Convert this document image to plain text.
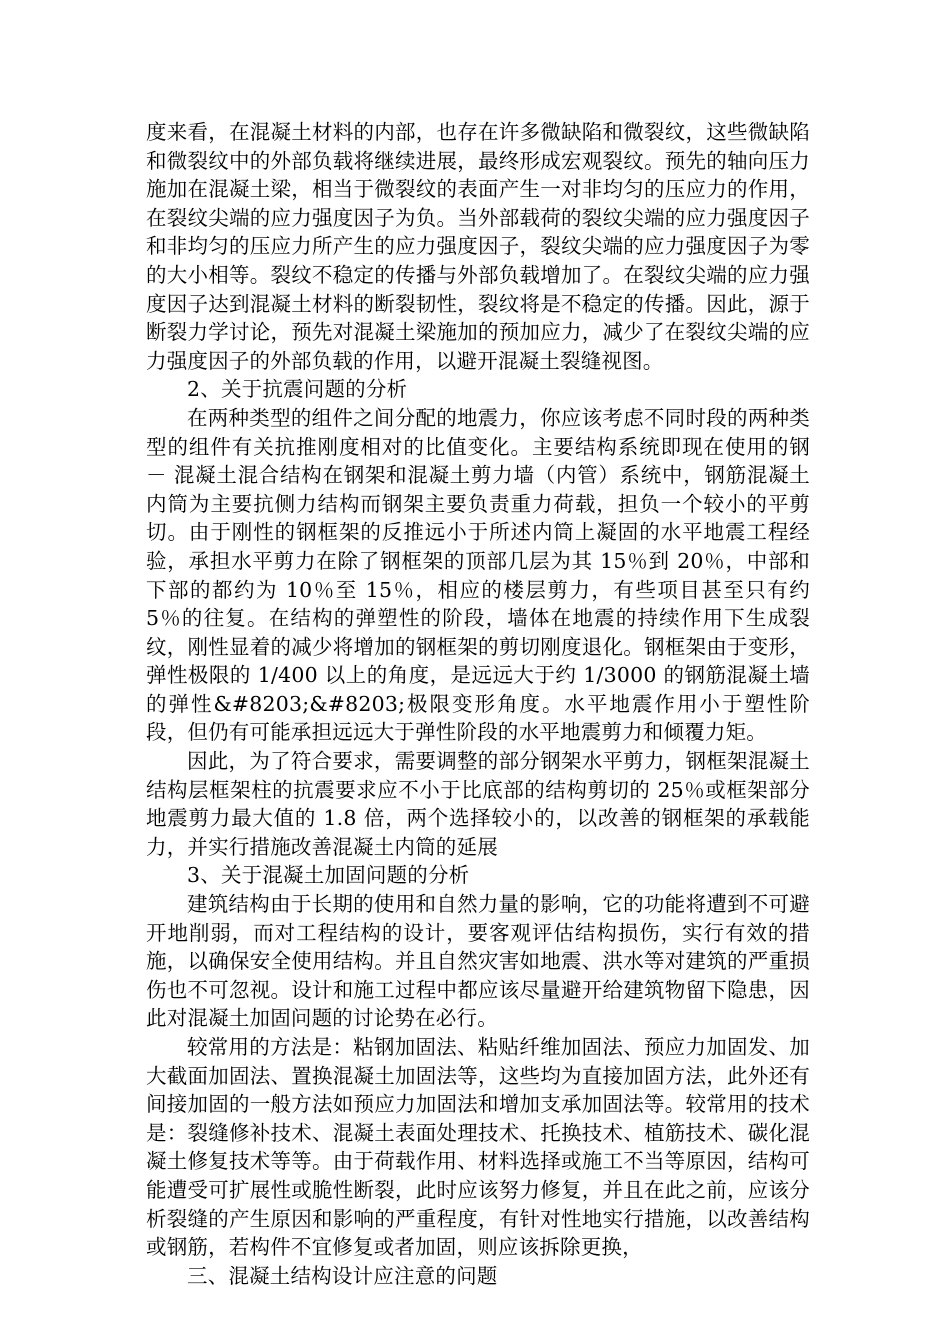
度来看，在混凝土材料的内部，也存在许多微缺陷和微裂纹，这些微缺陷和微裂纹中的外部负载将继续进展，最终形成宏观裂纹。预先的轴向压力施加在混凝土梁，相当于微裂纹的表面产生一对非均匀的压应力的作用，在裂纹尖端的应力强度因子为负。当外部载荷的裂纹尖端的应力强度因子和非均匀的压应力所产生的应力强度因子，裂纹尖端的应力强度因子为零的大小相等。裂纹不稳定的传播与外部负载增加了。在裂纹尖端的应力强度因子达到混凝土材料的断裂韧性，裂纹将是不稳定的传播。因此，源于断裂力学讨论，预先对混凝土梁施加的预加应力，减少了在裂纹尖端的应力强度因子的外部负载的作用，以避开混凝土裂缝视图。

2、关于抗震问题的分析

在两种类型的组件之间分配的地震力，你应该考虑不同时段的两种类型的组件有关抗推刚度相对的比值变化。主要结构系统即现在使用的钢 － 混凝土混合结构在钢架和混凝土剪力墙（内管）系统中，钢筋混凝土内筒为主要抗侧力结构而钢架主要负责重力荷载，担负一个较小的平剪切。由于刚性的钢框架的反推远小于所述内筒上凝固的水平地震工程经验，承担水平剪力在除了钢框架的顶部几层为其 15％到 20％，中部和下部的都约为 10％至 15％，相应的楼层剪力，有些项目甚至只有约 5％的往复。在结构的弹塑性的阶段，墙体在地震的持续作用下生成裂纹，刚性显着的减少将增加的钢框架的剪切刚度退化。钢框架由于变形，弹性极限的 1/400 以上的角度，是远远大于约 1/3000 的钢筋混凝土墙的弹性&#8203;&#8203;极限变形角度。水平地震作用小于塑性阶段，但仍有可能承担远远大于弹性阶段的水平地震剪力和倾覆力矩。

因此，为了符合要求，需要调整的部分钢架水平剪力，钢框架混凝土结构层框架柱的抗震要求应不小于比底部的结构剪切的 25％或框架部分地震剪力最大值的 1.8 倍，两个选择较小的，以改善的钢框架的承载能力，并实行措施改善混凝土内筒的延展

3、关于混凝土加固问题的分析

建筑结构由于长期的使用和自然力量的影响，它的功能将遭到不可避开地削弱，而对工程结构的设计，要客观评估结构损伤，实行有效的措施，以确保安全使用结构。并且自然灾害如地震、洪水等对建筑的严重损伤也不可忽视。设计和施工过程中都应该尽量避开给建筑物留下隐患，因此对混凝土加固问题的讨论势在必行。

较常用的方法是：粘钢加固法、粘贴纤维加固法、预应力加固发、加大截面加固法、置换混凝土加固法等，这些均为直接加固方法，此外还有间接加固的一般方法如预应力加固法和增加支承加固法等。较常用的技术是：裂缝修补技术、混凝土表面处理技术、托换技术、植筋技术、碳化混凝土修复技术等等。由于荷载作用、材料选择或施工不当等原因，结构可能遭受可扩展性或脆性断裂，此时应该努力修复，并且在此之前，应该分析裂缝的产生原因和影响的严重程度，有针对性地实行措施，以改善结构或钢筋，若构件不宜修复或者加固，则应该拆除更换，

三、混凝土结构设计应注意的问题
